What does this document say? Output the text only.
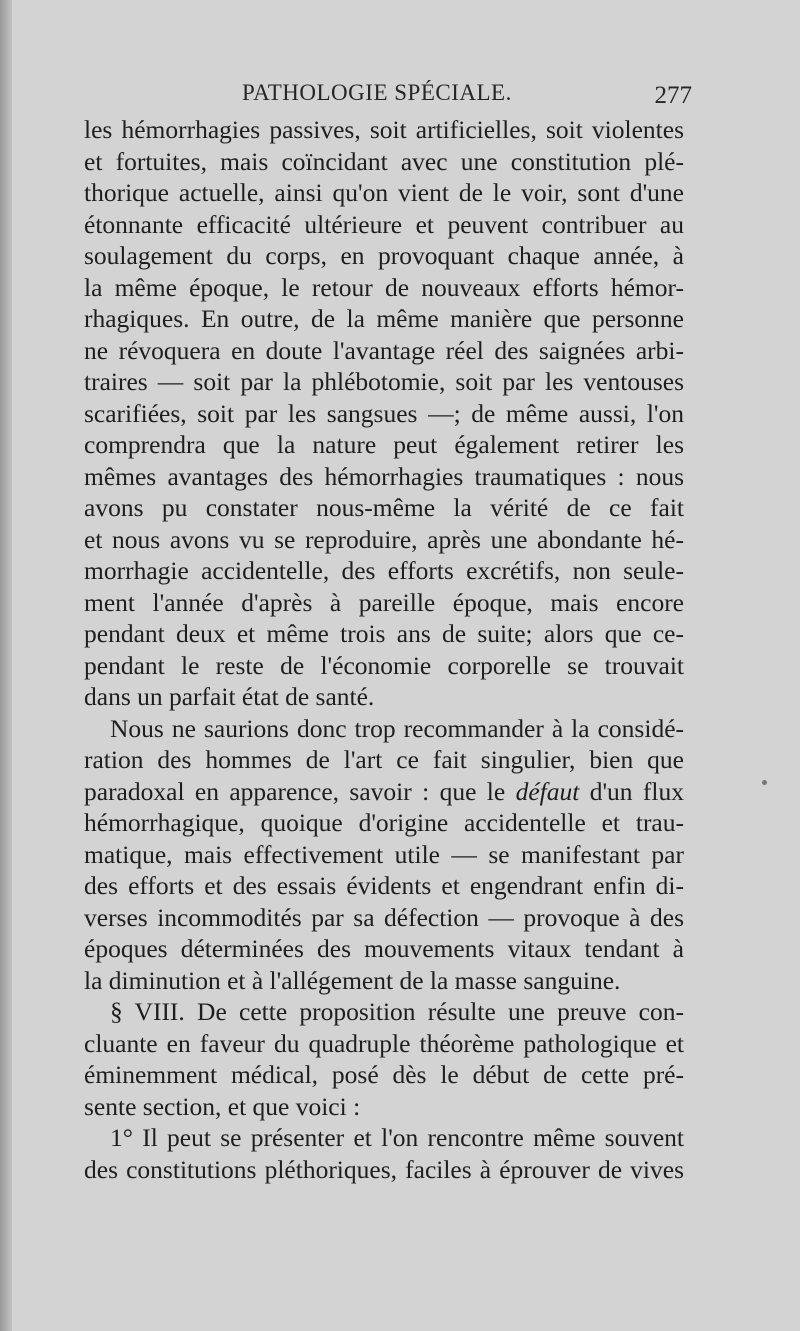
PATHOLOGIE SPÉCIALE.	277
les hémorrhagies passives, soit artificielles, soit violentes
et fortuites, mais coïncidant avec une constitution plé-
thorique actuelle, ainsi qu'on vient de le voir, sont d'une
étonnante efficacité ultérieure et peuvent contribuer au
soulagement du corps, en provoquant chaque année, à
la même époque, le retour de nouveaux efforts hémor-
rhagiques. En outre, de la même manière que personne
ne révoquera en doute l'avantage réel des saignées arbi-
traires — soit par la phlébotomie, soit par les ventouses
scarifiées, soit par les sangsues —; de même aussi, l'on
comprendra que la nature peut également retirer les
mêmes avantages des hémorrhagies traumatiques : nous
avons pu constater nous-même la vérité de ce fait
et nous avons vu se reproduire, après une abondante hé-
morrhagie accidentelle, des efforts excrétifs, non seule-
ment l'année d'après à pareille époque, mais encore
pendant deux et même trois ans de suite; alors que ce-
pendant le reste de l'économie corporelle se trouvait
dans un parfait état de santé.
Nous ne saurions donc trop recommander à la considé-
ration des hommes de l'art ce fait singulier, bien que
paradoxal en apparence, savoir : que le défaut d'un flux
hémorrhagique, quoique d'origine accidentelle et trau-
matique, mais effectivement utile — se manifestant par
des efforts et des essais évidents et engendrant enfin di-
verses incommodités par sa défection — provoque à des
époques déterminées des mouvements vitaux tendant à
la diminution et à l'allégement de la masse sanguine.
§ VIII. De cette proposition résulte une preuve con-
cluante en faveur du quadruple théorème pathologique et
éminemment médical, posé dès le début de cette pré-
sente section, et que voici :
1° Il peut se présenter et l'on rencontre même souvent
des constitutions pléthoriques, faciles à éprouver de vives
